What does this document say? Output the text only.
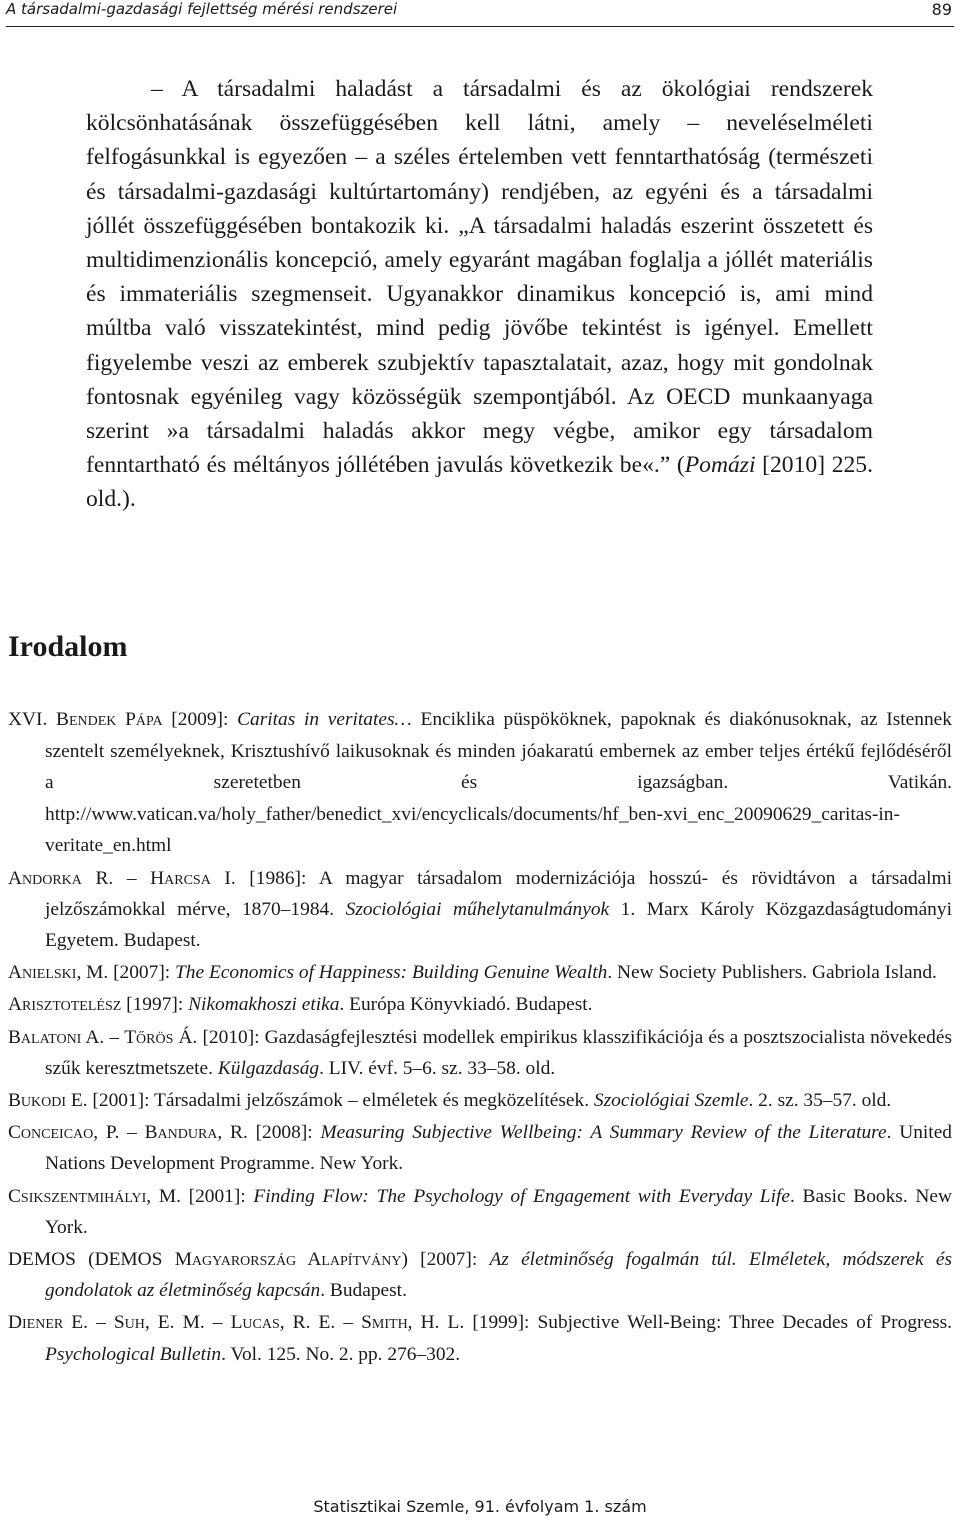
A társadalmi-gazdasági fejlettség mérési rendszerei	89

– A társadalmi haladást a társadalmi és az ökológiai rendszerek kölcsönhatásának összefüggésében kell látni, amely – neveléselméleti felfogásunkkal is egyezően – a széles értelemben vett fenntarthatóság (természeti és társadalmi-gazdasági kultúrtartomány) rendjében, az egyéni és a társadalmi jóllét összefüggésében bontakozik ki. „A társadalmi haladás eszerint összetett és multidimenzionális koncepció, amely egyaránt magában foglalja a jóllét materiális és immateriális szegmenseit. Ugyanakkor dinamikus koncepció is, ami mind múltba való visszatekintést, mind pedig jövőbe tekintést is igényel. Emellett figyelembe veszi az emberek szubjektív tapasztalatait, azaz, hogy mit gondolnak fontosnak egyénileg vagy közösségük szempontjából. Az OECD munkaanyaga szerint »a társadalmi haladás akkor megy végbe, amikor egy társadalom fenntartható és méltányos jóllétében javulás következik be«.” (Pomázi [2010] 225. old.).

Irodalom

XVI. Bendek Pápa [2009]: Caritas in veritates… Enciklika püspököknek, papoknak és diakónusoknak, az Istennek szentelt személyeknek, Krisztushívő laikusoknak és minden jóakaratú embernek az ember teljes értékű fejlődéséről a szeretetben és igazságban. Vatikán. http://www.vatican.va/holy_father/benedict_xvi/encyclicals/documents/hf_ben-xvi_enc_20090629_caritas-in-veritate_en.html

Andorka R. – Harcsa I. [1986]: A magyar társadalom modernizációja hosszú- és rövidtávon a társadalmi jelzőszámokkal mérve, 1870–1984. Szociológiai műhelytanulmányok 1. Marx Károly Közgazdaságtudományi Egyetem. Budapest.

Anielski, M. [2007]: The Economics of Happiness: Building Genuine Wealth. New Society Publishers. Gabriola Island.

Arisztotelész [1997]: Nikomakhoszi etika. Európa Könyvkiadó. Budapest.

Balatoni A. – Tőrös Á. [2010]: Gazdaságfejlesztési modellek empirikus klasszifikációja és a posztszocialista növekedés szűk keresztmetszete. Külgazdaság. LIV. évf. 5–6. sz. 33–58. old.

Bukodi E. [2001]: Társadalmi jelzőszámok – elméletek és megközelítések. Szociológiai Szemle. 2. sz. 35–57. old.

Conceicao, P. – Bandura, R. [2008]: Measuring Subjective Wellbeing: A Summary Review of the Literature. United Nations Development Programme. New York.

Csikszentmihályi, M. [2001]: Finding Flow: The Psychology of Engagement with Everyday Life. Basic Books. New York.

DEMOS (DEMOS Magyarország Alapítvány) [2007]: Az életminőség fogalmán túl. Elméletek, módszerek és gondolatok az életminőség kapcsán. Budapest.

Diener E. – Suh, E. M. – Lucas, R. E. – Smith, H. L. [1999]: Subjective Well-Being: Three Decades of Progress. Psychological Bulletin. Vol. 125. No. 2. pp. 276–302.

Statisztikai Szemle, 91. évfolyam 1. szám
